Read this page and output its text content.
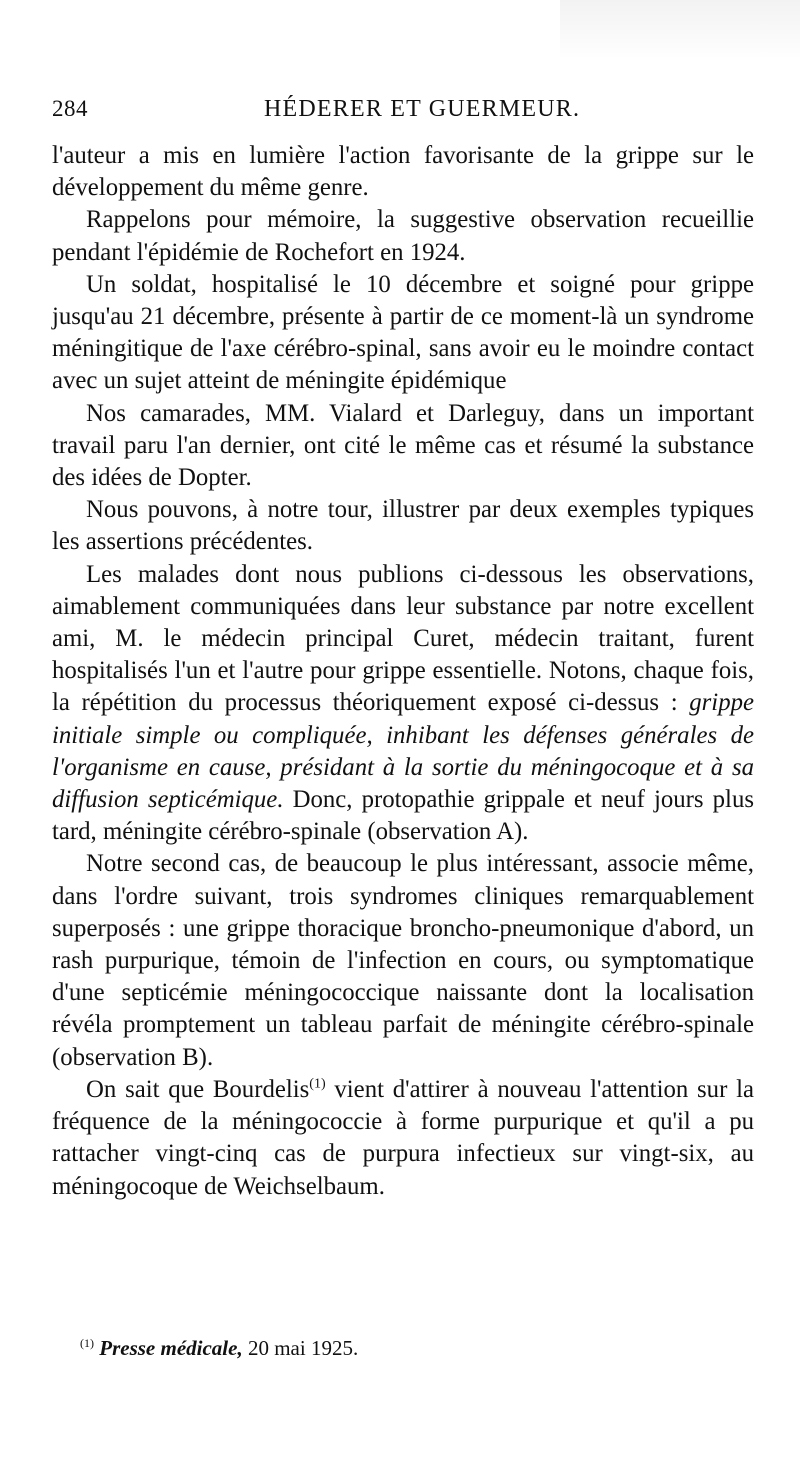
284	HÉDERER ET GUERMEUR.

l'auteur a mis en lumière l'action favorisante de la grippe sur le développement du même genre.

Rappelons pour mémoire, la suggestive observation recueillie pendant l'épidémie de Rochefort en 1924.

Un soldat, hospitalisé le 10 décembre et soigné pour grippe jusqu'au 21 décembre, présente à partir de ce moment-là un syndrome méningitique de l'axe cérébro-spinal, sans avoir eu le moindre contact avec un sujet atteint de méningite épidémique

Nos camarades, MM. Vialard et Darleguy, dans un important travail paru l'an dernier, ont cité le même cas et résumé la substance des idées de Dopter.

Nous pouvons, à notre tour, illustrer par deux exemples typiques les assertions précédentes.

Les malades dont nous publions ci-dessous les observations, aimablement communiquées dans leur substance par notre excellent ami, M. le médecin principal Curet, médecin traitant, furent hospitalisés l'un et l'autre pour grippe essentielle. Notons, chaque fois, la répétition du processus théoriquement exposé ci-dessus : grippe initiale simple ou compliquée, inhibant les défenses générales de l'organisme en cause, présidant à la sortie du méningocoque et à sa diffusion septicémique. Donc, protopathie grippale et neuf jours plus tard, méningite cérébro-spinale (observation A).

Notre second cas, de beaucoup le plus intéressant, associe même, dans l'ordre suivant, trois syndromes cliniques remarquablement superposés : une grippe thoracique broncho-pneumonique d'abord, un rash purpurique, témoin de l'infection en cours, ou symptomatique d'une septicémie méningococcique naissante dont la localisation révéla promptement un tableau parfait de méningite cérébro-spinale (observation B).

On sait que Bourdelis$^{(1)}$ vient d'attirer à nouveau l'attention sur la fréquence de la méningococcie à forme purpurique et qu'il a pu rattacher vingt-cinq cas de purpura infectieux sur vingt-six, au méningocoque de Weichselbaum.

$^{(1)}$ Presse médicale, 20 mai 1925.
